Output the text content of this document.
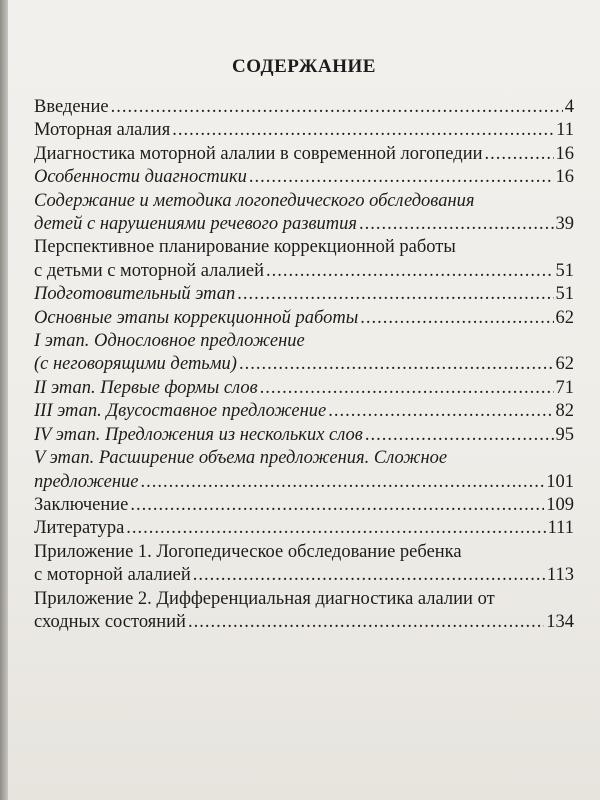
СОДЕРЖАНИЕ
Введение .....	4
Моторная алалия .....	11
Диагностика моторной алалии в современной логопедии .....	16
Особенности диагностики .....	16
Содержание и методика логопедического обследования
детей с нарушениями речевого развития .....	39
Перспективное планирование коррекционной работы
с детьми с моторной алалией .....	51
Подготовительный этап .....	51
Основные этапы коррекционной работы .....	62
I этап. Однословное предложение
(с неговорящими детьми) .....	62
II этап. Первые формы слов .....	71
III этап. Двусоставное предложение .....	82
IV этап. Предложения из нескольких слов .....	95
V этап. Расширение объема предложения. Сложное
предложение .....	101
Заключение .....	109
Литература .....	111
Приложение 1. Логопедическое обследование ребенка
с моторной алалией .....	113
Приложение 2. Дифференциальная диагностика алалии от
сходных состояний .....	134
